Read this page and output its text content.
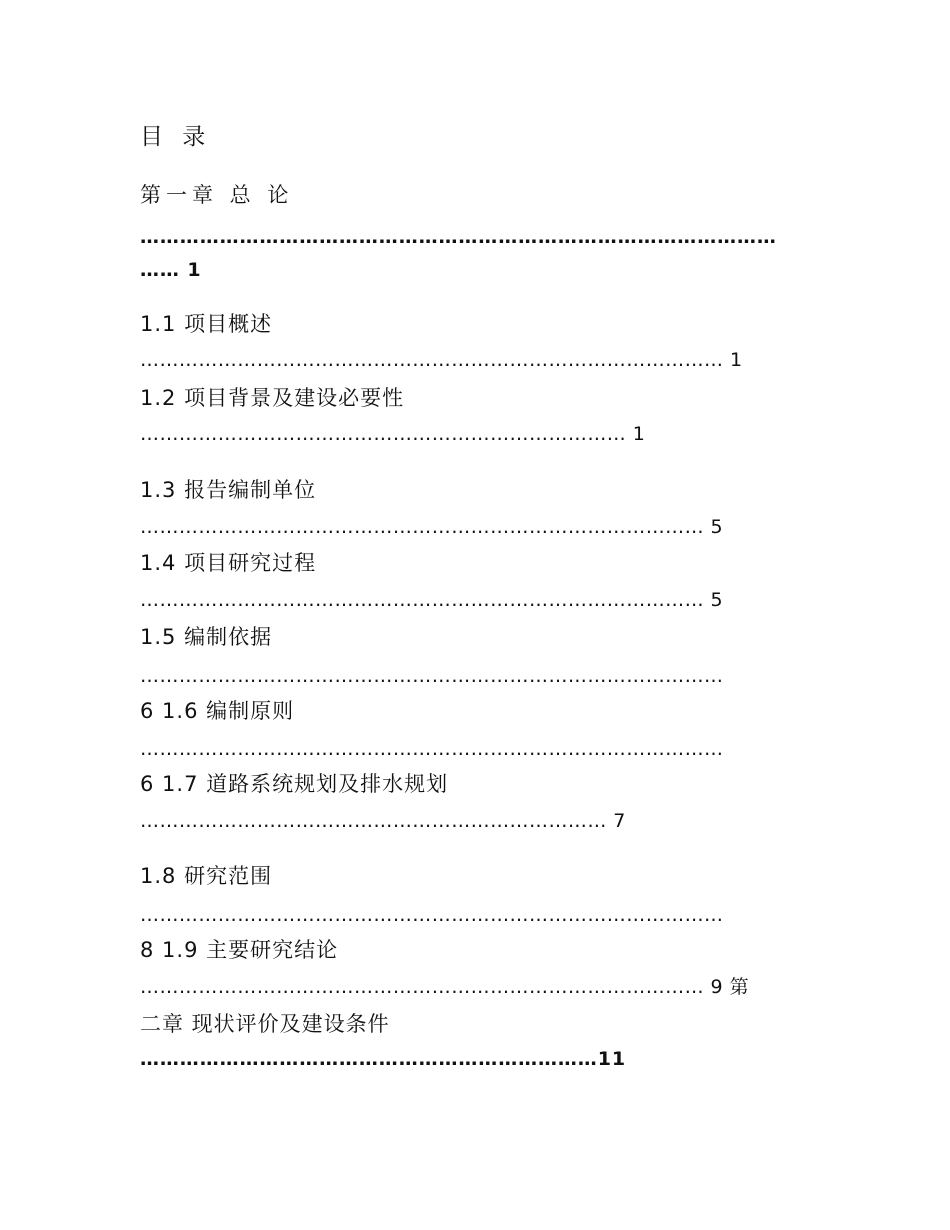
目 录
第一章 总 论
……………………………………………………………………………………
…… 1
1.1 项目概述
……………………………………………………………………………… 1
1.2 项目背景及建设必要性
………………………………………………………………… 1
1.3 报告编制单位
…………………………………………………………………………… 5
1.4 项目研究过程
…………………………………………………………………………… 5
1.5 编制依据
………………………………………………………………………………
6 1.6 编制原则
………………………………………………………………………………
6 1.7 道路系统规划及排水规划
……………………………………………………………… 7
1.8 研究范围
………………………………………………………………………………
8 1.9 主要研究结论
…………………………………………………………………………… 9 第
二章 现状评价及建设条件
……………………………………………………………11
